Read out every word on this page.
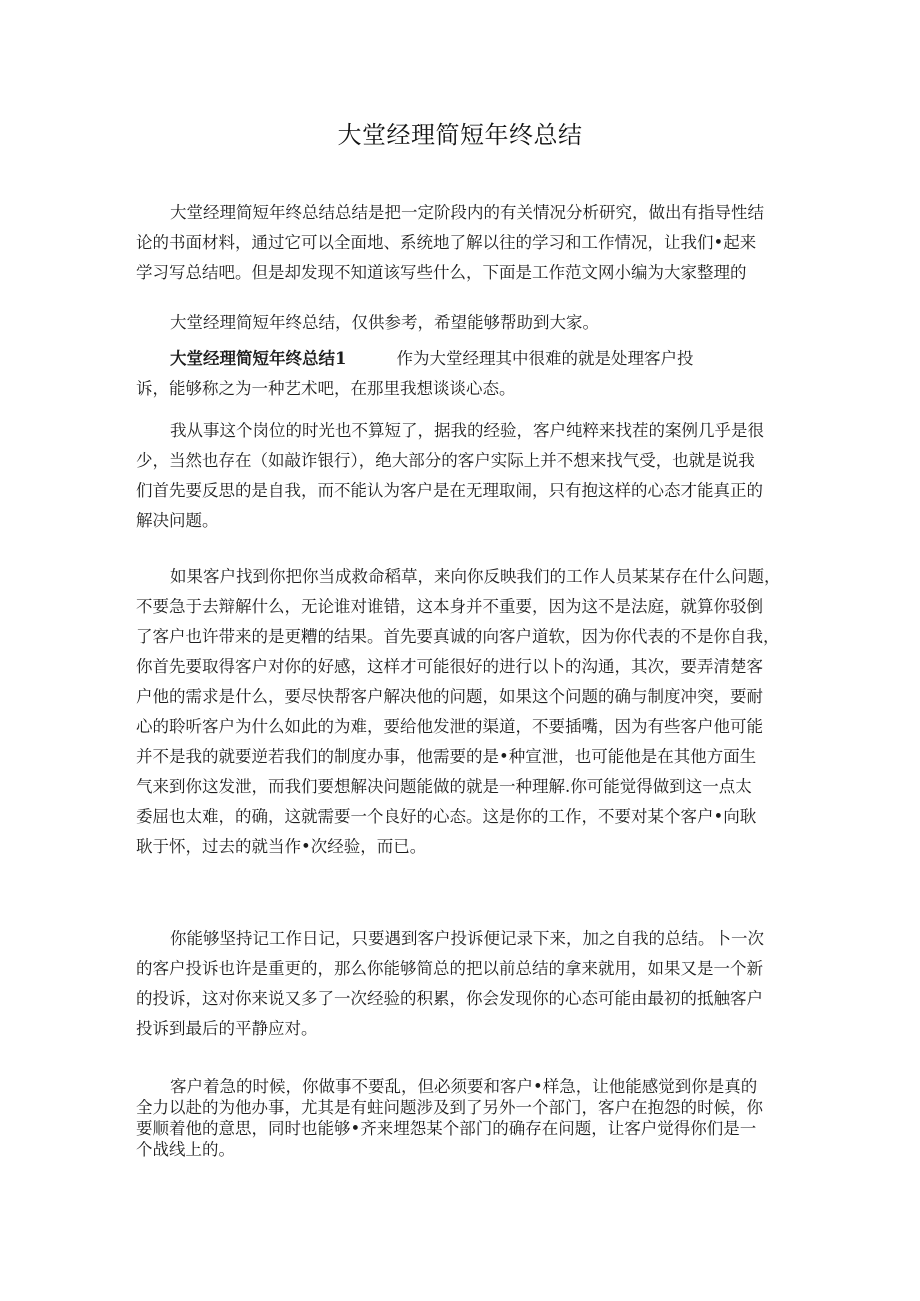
大堂经理简短年终总结
大堂经理简短年终总结总结是把一定阶段内的有关情况分析研究，做出有指导性结
论的书面材料，通过它可以全面地、系统地了解以往的学习和工作情况，让我们•起来
学习写总结吧。但是却发现不知道该写些什么，下面是工作范文网小编为大家整理的
大堂经理简短年终总结，仅供参考，希望能够帮助到大家。
大堂经理简短年终总结1	作为大堂经理其中很难的就是处理客户投
诉，能够称之为一种艺术吧，在那里我想谈谈心态。
我从事这个岗位的时光也不算短了，据我的经验，客户纯粹来找茬的案例几乎是很
少，当然也存在（如敲诈银行），绝大部分的客户实际上并不想来找气受，也就是说我
们首先要反思的是自我，而不能认为客户是在无理取闹，只有抱这样的心态才能真正的
解决问题。
如果客户找到你把你当成救命稻草，来向你反映我们的工作人员某某存在什么问题，
不要急于去辩解什么，无论谁对谁错，这本身并不重要，因为这不是法庭，就算你驳倒
了客户也许带来的是更糟的结果。首先要真诚的向客户道软，因为你代表的不是你自我，
你首先要取得客户对你的好感，这样才可能很好的进行以卜的沟通，其次，要弄清楚客
户他的需求是什么，要尽快帮客户解决他的问题，如果这个问题的确与制度冲突，要耐
心的聆听客户为什么如此的为难，要给他发泄的渠道，不要插嘴，因为有些客户他可能
并不是我的就要逆若我们的制度办事，他需要的是•种宣泄，也可能他是在其他方面生
气来到你这发泄，而我们要想解决问题能做的就是一种理解.你可能觉得做到这一点太
委屈也太难，的确，这就需要一个良好的心态。这是你的工作，不要对某个客户•向耿
耿于怀，过去的就当作•次经验，而已。
你能够坚持记工作日记，只要遇到客户投诉便记录下来，加之自我的总结。卜一次
的客户投诉也许是重更的，那么你能够简总的把以前总结的拿来就用，如果又是一个新
的投诉，这对你来说又多了一次经验的积累，你会发现你的心态可能由最初的抵触客户
投诉到最后的平静应对。
客户着急的时候，你做事不要乱，但必须要和客户•样急，让他能感觉到你是真的
全力以赴的为他办事，尤其是有蛀问题涉及到了另外一个部门，客户在抱怨的时候，你
要顺着他的意思，同时也能够•齐来埋怨某个部门的确存在问题，让客户觉得你们是一
个战线上的。
